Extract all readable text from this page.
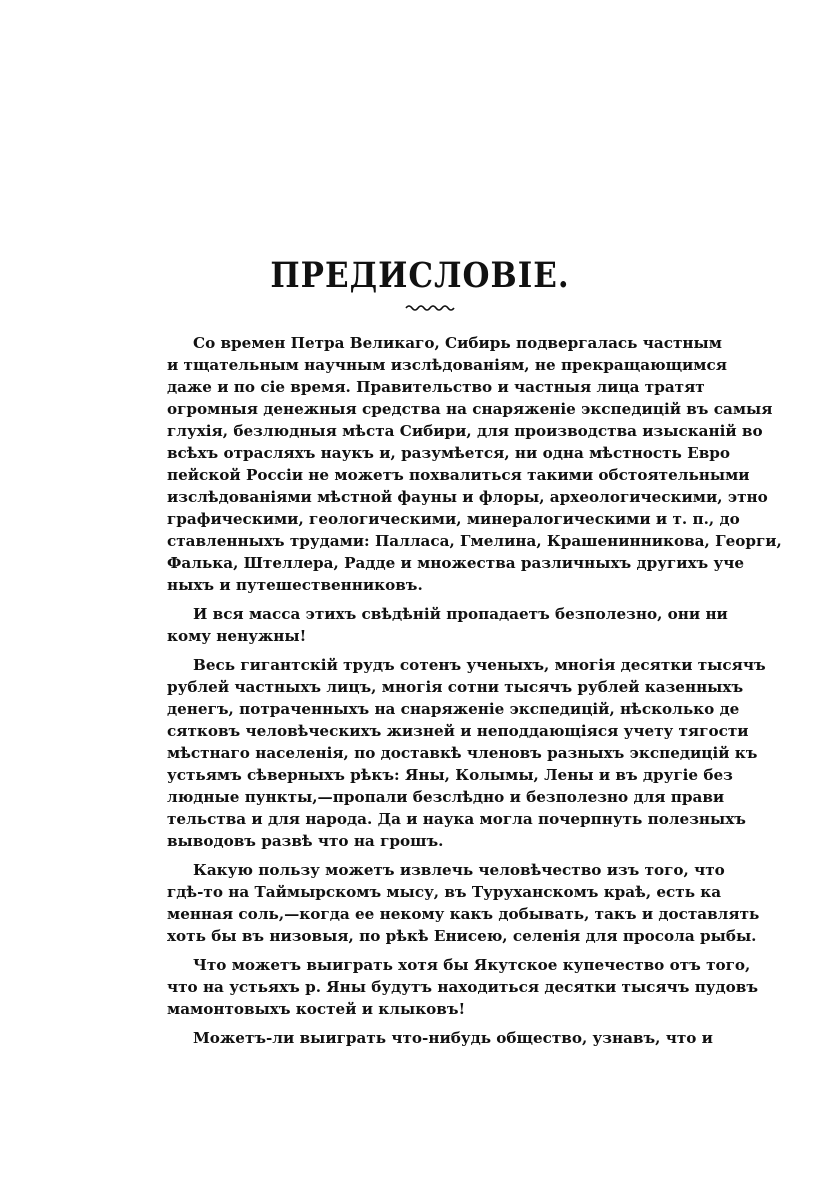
ПРЕДИСЛОВІЕ.
Со времен Петра Великаго, Сибирь подвергалась частным
и тщательным научным изслѣдованіям, не прекращающимся
даже и по сіе время. Правительство и частныя лица тратят
огромныя денежныя средства на снаряженіе экспедицій въ самыя
глухія, безлюдныя мѣста Сибири, для производства изысканій во
всѣхъ отрасляхъ наукъ и, разумѣется, ни одна мѣстность Евро
пейской Россіи не можетъ похвалиться такими обстоятельными
изслѣдованіями мѣстной фауны и флоры, археологическими, этно
графическими, геологическими, минералогическими и т. п., до
ставленныхъ трудами: Палласа, Гмелина, Крашенинникова, Георги,
Фалька, Штеллера, Радде и множества различныхъ другихъ уче
ныхъ и путешественниковъ.
И вся масса этихъ свѣдѣній пропадаетъ безполезно, они ни
кому ненужны!
Весь гигантскій трудъ сотенъ ученыхъ, многія десятки тысячъ
рублей частныхъ лицъ, многія сотни тысячъ рублей казенныхъ
денегъ, потраченныхъ на снаряженіе экспедицій, нѣсколько де
сятковъ человѣческихъ жизней и неподдающіяся учету тягости
мѣстнаго населенія, по доставкѣ членовъ разныхъ экспедицій къ
устьямъ сѣверныхъ рѣкъ: Яны, Колымы, Лены и въ другіе без
людные пункты,—пропали безслѣдно и безполезно для прави
тельства и для народа. Да и наука могла почерпнуть полезныхъ
выводовъ развѣ что на грошъ.
Какую пользу можетъ извлечь человѣчество изъ того, что
гдѣ-то на Таймырскомъ мысу, въ Туруханскомъ краѣ, есть ка
менная соль,—когда ее некому какъ добывать, такъ и доставлять
хоть бы въ низовыя, по рѣкѣ Енисею, селенія для просола рыбы.
Что можетъ выиграть хотя бы Якутское купечество отъ того,
что на устьяхъ р. Яны будутъ находиться десятки тысячъ пудовъ
мамонтовыхъ костей и клыковъ!
Можетъ-ли выиграть что-нибудь общество, узнавъ, что и
